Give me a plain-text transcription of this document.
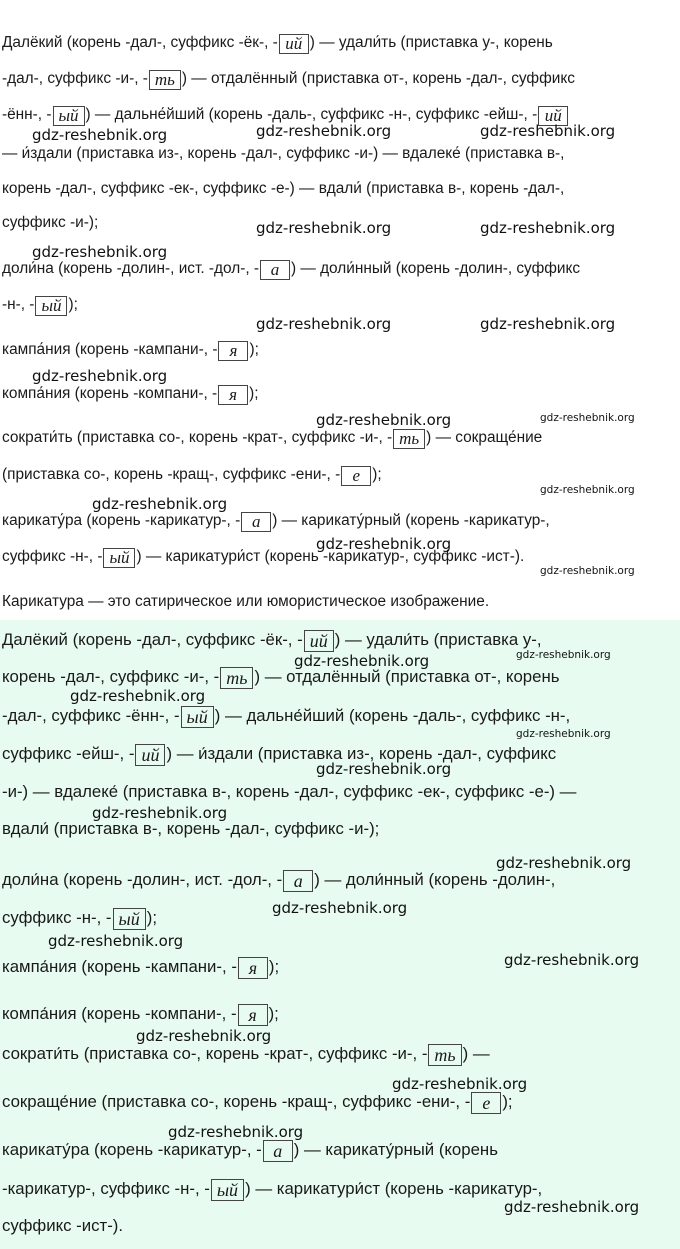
Далёкий (корень -дал-, суффикс -ёк-, - ий ) — удали́ть (приставка у-, корень
-дал-, суффикс -и-, - ть ) — отдалённый (приставка от-, корень -дал-, суффикс
-ённ-, - ый ) — дальне́йший (корень -даль-, суффикс -н-, суффикс -ейш-, - ий
— и́здали (приставка из-, корень -дал-, суффикс -и-) — вдалеке́ (приставка в-,
корень -дал-, суффикс -ек-, суффикс -е-) — вдали́ (приставка в-, корень -дал-,
суффикс -и-);
доли́на (корень -долин-, ист. -дол-, - а ) — доли́нный (корень -долин-, суффикс
-н-, - ый );
кампа́ния (корень -кампани-, - я );
компа́ния (корень -компани-, - я );
сократи́ть (приставка со-, корень -крат-, суффикс -и-, - ть ) — сокраще́ние
(приставка со-, корень -кращ-, суффикс -ени-, - е );
карикату́ра (корень -карикатур-, - а ) — карикату́рный (корень -карикатур-,
суффикс -н-, - ый ) — карикатури́ст (корень -карикатур-, суффикс -ист-).
Карикатура — это сатирическое или юмористическое изображение.
gdz-reshebnik.org	gdz-reshebnik.org	gdz-reshebnik.org
gdz-reshebnik.org	gdz-reshebnik.org
gdz-reshebnik.org
gdz-reshebnik.org	gdz-reshebnik.org
gdz-reshebnik.org
gdz-reshebnik.org	gdz-reshebnik.org
gdz-reshebnik.org
gdz-reshebnik.org
gdz-reshebnik.org
gdz-reshebnik.org
Далёкий (корень -дал-, суффикс -ёк-, - ий ) — удали́ть (приставка у-,
корень -дал-, суффикс -и-, - ть ) — отдалённый (приставка от-, корень
-дал-, суффикс -ённ-, - ый ) — дальне́йший (корень -даль-, суффикс -н-,
суффикс -ейш-, - ий ) — и́здали (приставка из-, корень -дал-, суффикс
-и-) — вдалеке́ (приставка в-, корень -дал-, суффикс -ек-, суффикс -е-) —
вдали́ (приставка в-, корень -дал-, суффикс -и-);
доли́на (корень -долин-, ист. -дол-, - а ) — доли́нный (корень -долин-,
суффикс -н-, - ый );
кампа́ния (корень -кампани-, - я );
компа́ния (корень -компани-, - я );
сократи́ть (приставка со-, корень -крат-, суффикс -и-, - ть ) —
сокраще́ние (приставка со-, корень -кращ-, суффикс -ени-, - е );
карикату́ра (корень -карикатур-, - а ) — карикату́рный (корень
-карикатур-, суффикс -н-, - ый ) — карикатури́ст (корень -карикатур-,
суффикс -ист-).
gdz-reshebnik.org
gdz-reshebnik.org
gdz-reshebnik.org
gdz-reshebnik.org
gdz-reshebnik.org
gdz-reshebnik.org
gdz-reshebnik.org
gdz-reshebnik.org
gdz-reshebnik.org
gdz-reshebnik.org
gdz-reshebnik.org
gdz-reshebnik.org
gdz-reshebnik.org
gdz-reshebnik.org
